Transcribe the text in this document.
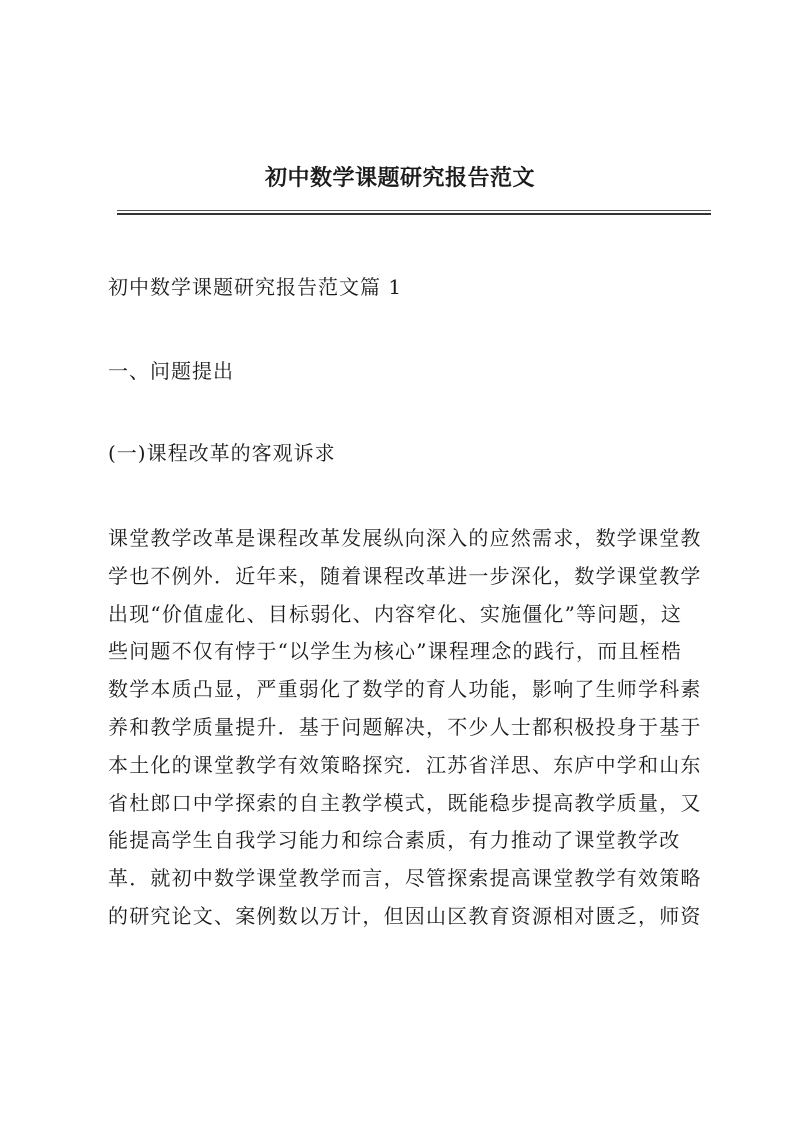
初中数学课题研究报告范文
初中数学课题研究报告范文篇 1
一、问题提出
(一)课程改革的客观诉求
课堂教学改革是课程改革发展纵向深入的应然需求，数学课堂教
学也不例外．近年来，随着课程改革进一步深化，数学课堂教学
出现“价值虚化、目标弱化、内容窄化、实施僵化”等问题，这
些问题不仅有悖于“以学生为核心”课程理念的践行，而且桎梏
数学本质凸显，严重弱化了数学的育人功能，影响了生师学科素
养和教学质量提升．基于问题解决，不少人士都积极投身于基于
本土化的课堂教学有效策略探究．江苏省洋思、东庐中学和山东
省杜郎口中学探索的自主教学模式，既能稳步提高教学质量，又
能提高学生自我学习能力和综合素质，有力推动了课堂教学改
革．就初中数学课堂教学而言，尽管探索提高课堂教学有效策略
的研究论文、案例数以万计，但因山区教育资源相对匮乏，师资
